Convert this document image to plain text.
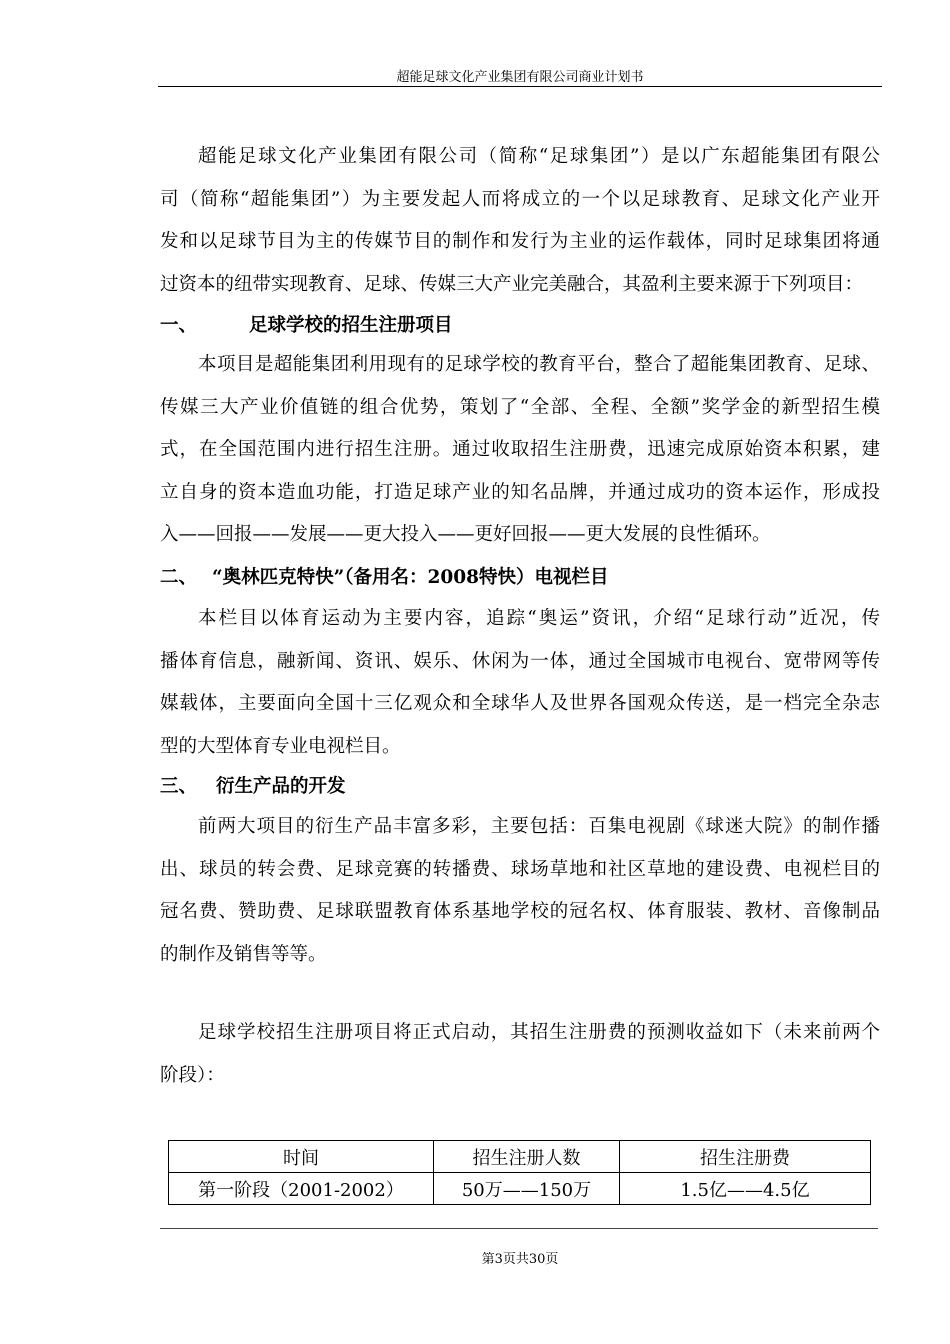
超能足球文化产业集团有限公司商业计划书
超能足球文化产业集团有限公司（简称“足球集团”）是以广东超能集团有限公
司（简称“超能集团”）为主要发起人而将成立的一个以足球教育、足球文化产业开
发和以足球节目为主的传媒节目的制作和发行为主业的运作载体，同时足球集团将通
过资本的纽带实现教育、足球、传媒三大产业完美融合，其盈利主要来源于下列项目：
一、	足球学校的招生注册项目
本项目是超能集团利用现有的足球学校的教育平台，整合了超能集团教育、足球、
传媒三大产业价值链的组合优势，策划了“全部、全程、全额”奖学金的新型招生模
式，在全国范围内进行招生注册。通过收取招生注册费，迅速完成原始资本积累，建
立自身的资本造血功能，打造足球产业的知名品牌，并通过成功的资本运作，形成投
入——回报——发展——更大投入——更好回报——更大发展的良性循环。
二、 “奥林匹克特快”（备用名：2008特快）电视栏目
本栏目以体育运动为主要内容，追踪“奥运”资讯，介绍“足球行动”近况，传
播体育信息，融新闻、资讯、娱乐、休闲为一体，通过全国城市电视台、宽带网等传
媒载体，主要面向全国十三亿观众和全球华人及世界各国观众传送，是一档完全杂志
型的大型体育专业电视栏目。
三、	衍生产品的开发
前两大项目的衍生产品丰富多彩，主要包括：百集电视剧《球迷大院》的制作播
出、球员的转会费、足球竞赛的转播费、球场草地和社区草地的建设费、电视栏目的
冠名费、赞助费、足球联盟教育体系基地学校的冠名权、体育服装、教材、音像制品
的制作及销售等等。
足球学校招生注册项目将正式启动，其招生注册费的预测收益如下（未来前两个
阶段）：
时间	招生注册人数	招生注册费
第一阶段（2001-2002）	50万——150万	1.5亿——4.5亿
第3页共30页
